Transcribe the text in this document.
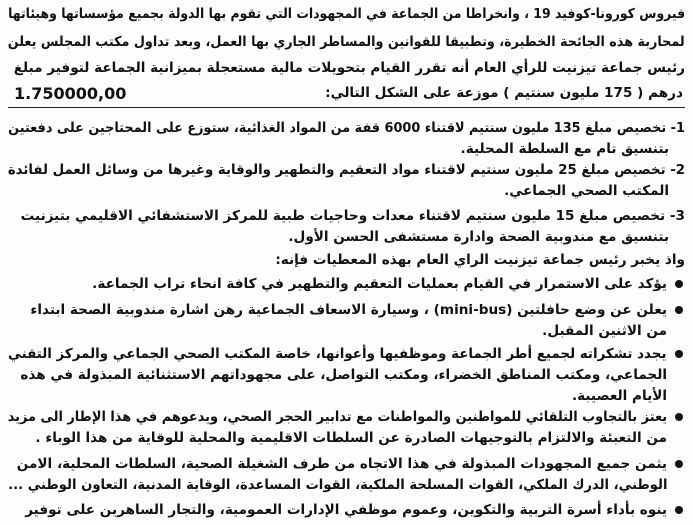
فيروس كورونا-كوفيد 19 ، وانخراطا من الجماعة في المجهودات التي تقوم بها الدولة بجميع مؤسساتها وهيئاتها
لمحاربة هذه الجائحة الخطيرة، وتطبيقا للقوانين والمساطر الجاري بها العمل، وبعد تداول مكتب المجلس يعلن
رئيس جماعة تيزنيت للرأي العام أنه تقرر القيام بتحويلات مالية مستعجلة بميزانية الجماعة لتوفير مبلغ
1.750000,00	درهم ( 175 مليون سنتيم ) موزعة على الشكل التالي:
1- تخصيص مبلغ 135 مليون سنتيم لاقتناء 6000 قفة من المواد الغذائية، ستوزع على المحتاجين على دفعتين
بتنسيق تام مع السلطة المحلية.
2- تخصيص مبلغ 25 مليون سنتيم لاقتناء مواد التعقيم والتطهير والوقاية وغيرها من وسائل العمل لفائدة
المكتب الصحي الجماعي.
3- تخصيص مبلغ 15 مليون سنتيم لاقتناء معدات وحاجيات طبية للمركز الاستشفائي الاقليمي بتيزنيت
بتنسيق مع مندوبية الصحة وادارة مستشفى الحسن الأول.
واذ يخبر رئيس جماعة تيزنيت الراي العام بهذه المعطيات فإنه:
يؤكد على الاستمرار في القيام بعمليات التعقيم والتطهير في كافة انحاء تراب الجماعة.
يعلن عن وضع حافلتين (mini-bus) ، وسيارة الاسعاف الجماعية رهن اشارة مندوبية الصحة ابتداء
من الاثنين المقبل.
يجدد تشكراته لجميع أطر الجماعة وموظفيها وأعوانها، خاصة المكتب الصحي الجماعي والمركز التقني
الجماعي، ومكتب المناطق الخضراء، ومكتب التواصل، على مجهوداتهم الاستثنائية المبذولة في هذه
الأيام العصيبة.
يعتز بالتجاوب التلقائي للمواطنين والمواطنات مع تدابير الحجر الصحي، ويدعوهم في هذا الإطار الى مزيد
من التعبئة والالتزام بالتوجيهات الصادرة عن السلطات الاقليمية والمحلية للوقاية من هذا الوباء .
يثمن جميع المجهودات المبذولة في هذا الاتجاه من طرف الشغيلة الصحية، السلطات المحلية، الامن
الوطني، الدرك الملكي، القوات المسلحة الملكية، القوات المساعدة، الوقاية المدنية، التعاون الوطني ...
ينوه بأداء أسرة التربية والتكوين، وعموم موظفي الإدارات العمومية، والتجار الساهرين على توفير
